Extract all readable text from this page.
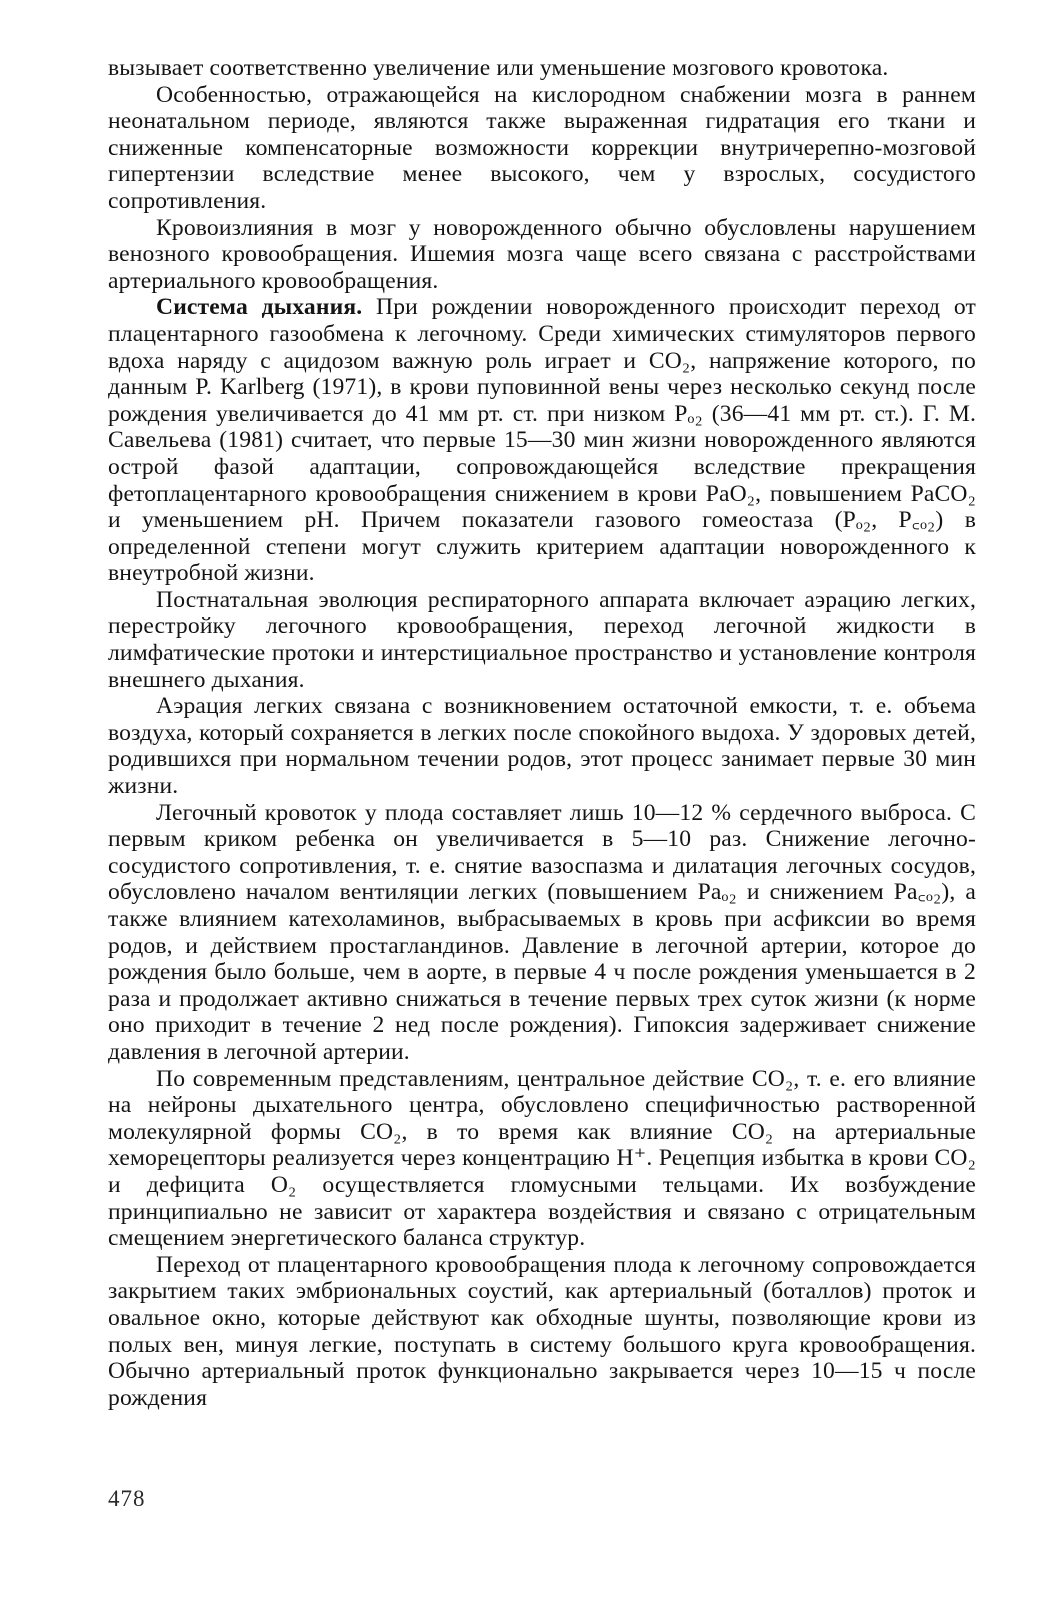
вызывает соответственно увеличение или уменьшение мозгового кровотока.

Особенностью, отражающейся на кислородном снабжении мозга в раннем неонатальном периоде, являются также выраженная гидратация его ткани и сниженные компенсаторные возможности коррекции внутричерепно-мозговой гипертензии вследствие менее высокого, чем у взрослых, сосудистого сопротивления.

Кровоизлияния в мозг у новорожденного обычно обусловлены нарушением венозного кровообращения. Ишемия мозга чаще всего связана с расстройствами артериального кровообращения.

Система дыхания. При рождении новорожденного происходит переход от плацентарного газообмена к легочному. Среди химических стимуляторов первого вдоха наряду с ацидозом важную роль играет и CO₂, напряжение которого, по данным P. Karlberg (1971), в крови пуповинной вены через несколько секунд после рождения увеличивается до 41 мм рт. ст. при низком Pₒ₂ (36—41 мм рт. ст.). Г. М. Савельева (1981) считает, что первые 15—30 мин жизни новорожденного являются острой фазой адаптации, сопровождающейся вследствие прекращения фетоплацентарного кровообращения снижением в крови PaO₂, повышением PaCO₂ и уменьшением pH. Причем показатели газового гомеостаза (Pₒ₂, P꜀ₒ₂) в определенной степени могут служить критерием адаптации новорожденного к внеутробной жизни.

Постнатальная эволюция респираторного аппарата включает аэрацию легких, перестройку легочного кровообращения, переход легочной жидкости в лимфатические протоки и интерстициальное пространство и установление контроля внешнего дыхания.

Аэрация легких связана с возникновением остаточной емкости, т. е. объема воздуха, который сохраняется в легких после спокойного выдоха. У здоровых детей, родившихся при нормальном течении родов, этот процесс занимает первые 30 мин жизни.

Легочный кровоток у плода составляет лишь 10—12 % сердечного выброса. С первым криком ребенка он увеличивается в 5—10 раз. Снижение легочно-сосудистого сопротивления, т. е. снятие вазоспазма и дилатация легочных сосудов, обусловлено началом вентиляции легких (повышением Paₒ₂ и снижением Pa꜀ₒ₂), а также влиянием катехоламинов, выбрасываемых в кровь при асфиксии во время родов, и действием простагландинов. Давление в легочной артерии, которое до рождения было больше, чем в аорте, в первые 4 ч после рождения уменьшается в 2 раза и продолжает активно снижаться в течение первых трех суток жизни (к норме оно приходит в течение 2 нед после рождения). Гипоксия задерживает снижение давления в легочной артерии.

По современным представлениям, центральное действие CO₂, т. е. его влияние на нейроны дыхательного центра, обусловлено специфичностью растворенной молекулярной формы CO₂, в то время как влияние CO₂ на артериальные хеморецепторы реализуется через концентрацию H⁺. Рецепция избытка в крови CO₂ и дефицита O₂ осуществляется гломусными тельцами. Их возбуждение принципиально не зависит от характера воздействия и связано с отрицательным смещением энергетического баланса структур.

Переход от плацентарного кровообращения плода к легочному сопровождается закрытием таких эмбриональных соустий, как артериальный (боталлов) проток и овальное окно, которые действуют как обходные шунты, позволяющие крови из полых вен, минуя легкие, поступать в систему большого круга кровообращения. Обычно артериальный проток функционально закрывается через 10—15 ч после рождения

478
